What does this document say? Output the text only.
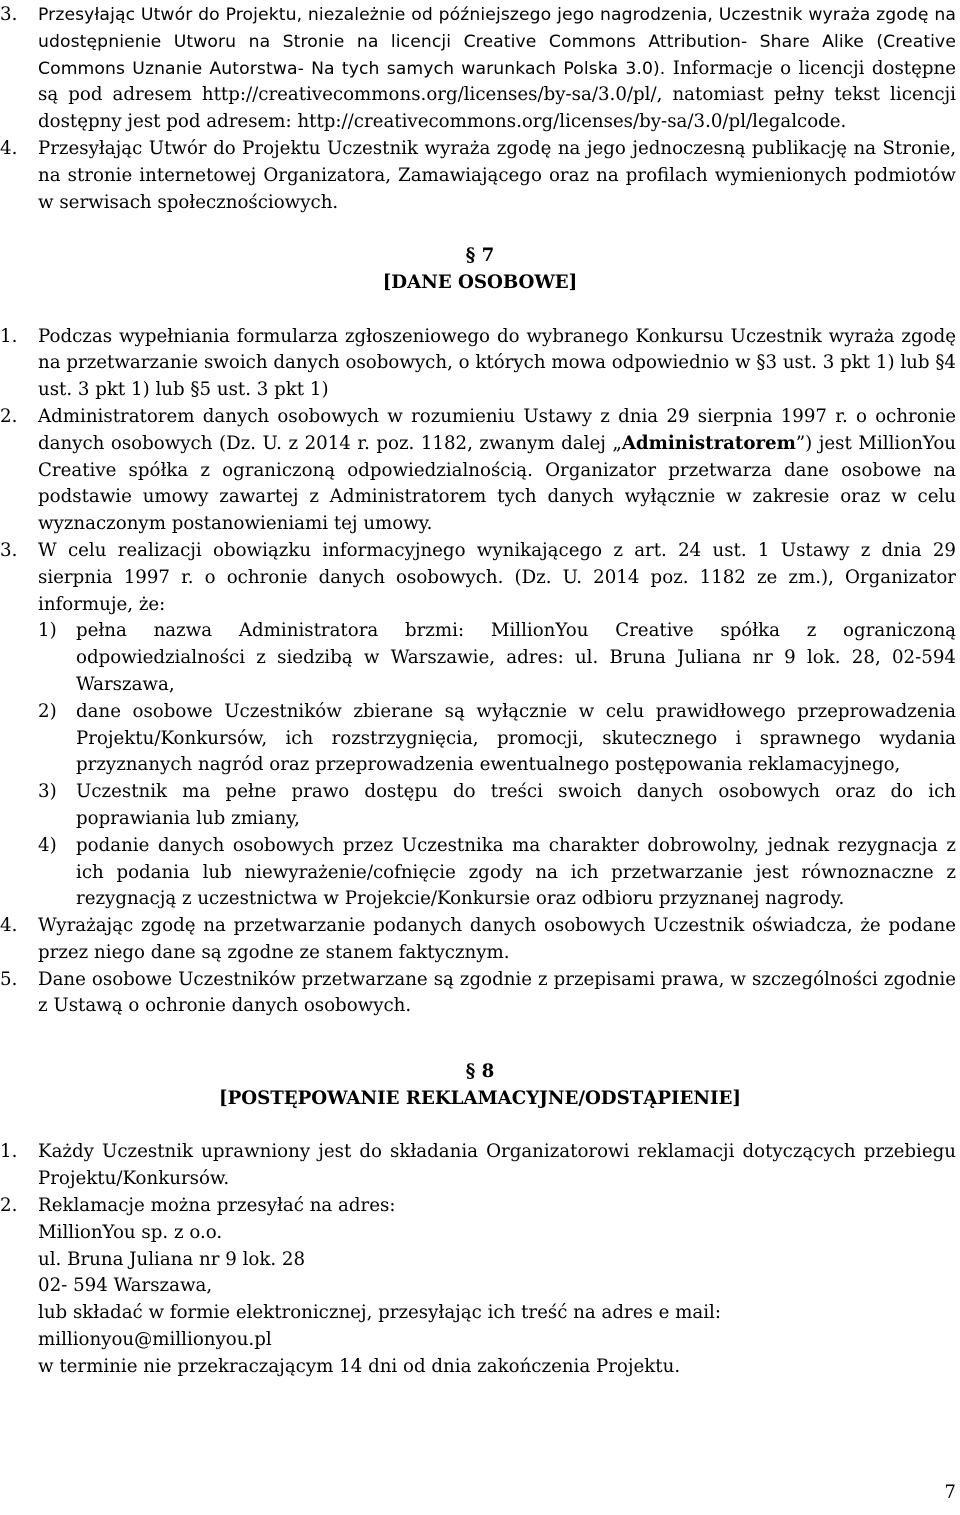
3. Przesyłając Utwór do Projektu, niezależnie od późniejszego jego nagrodzenia, Uczestnik wyraża zgodę na udostępnienie Utworu na Stronie na licencji Creative Commons Attribution- Share Alike (Creative Commons Uznanie Autorstwa- Na tych samych warunkach Polska 3.0). Informacje o licencji dostępne są pod adresem http://creativecommons.org/licenses/by-sa/3.0/pl/, natomiast pełny tekst licencji dostępny jest pod adresem: http://creativecommons.org/licenses/by-sa/3.0/pl/legalcode.

4. Przesyłając Utwór do Projektu Uczestnik wyraża zgodę na jego jednoczesną publikację na Stronie, na stronie internetowej Organizatora, Zamawiającego oraz na profilach wymienionych podmiotów w serwisach społecznościowych.

§ 7

[DANE OSOBOWE]

1. Podczas wypełniania formularza zgłoszeniowego do wybranego Konkursu Uczestnik wyraża zgodę na przetwarzanie swoich danych osobowych, o których mowa odpowiednio w §3 ust. 3 pkt 1) lub §4 ust. 3 pkt 1) lub §5 ust. 3 pkt 1)

2. Administratorem danych osobowych w rozumieniu Ustawy z dnia 29 sierpnia 1997 r. o ochronie danych osobowych (Dz. U. z 2014 r. poz. 1182, zwanym dalej „Administratorem”) jest MillionYou Creative spółka z ograniczoną odpowiedzialnością. Organizator przetwarza dane osobowe na podstawie umowy zawartej z Administratorem tych danych wyłącznie w zakresie oraz w celu wyznaczonym postanowieniami tej umowy.

3. W celu realizacji obowiązku informacyjnego wynikającego z art. 24 ust. 1 Ustawy z dnia 29 sierpnia 1997 r. o ochronie danych osobowych. (Dz. U. 2014 poz. 1182 ze zm.), Organizator informuje, że:

1) pełna nazwa Administratora brzmi: MillionYou Creative spółka z ograniczoną odpowiedzialności z siedzibą w Warszawie, adres: ul. Bruna Juliana nr 9 lok. 28, 02-594 Warszawa,

2) dane osobowe Uczestników zbierane są wyłącznie w celu prawidłowego przeprowadzenia Projektu/Konkursów, ich rozstrzygnięcia, promocji, skutecznego i sprawnego wydania przyznanych nagród oraz przeprowadzenia ewentualnego postępowania reklamacyjnego,

3) Uczestnik ma pełne prawo dostępu do treści swoich danych osobowych oraz do ich poprawiania lub zmiany,

4) podanie danych osobowych przez Uczestnika ma charakter dobrowolny, jednak rezygnacja z ich podania lub niewyrażenie/cofnięcie zgody na ich przetwarzanie jest równoznaczne z rezygnacją z uczestnictwa w Projekcie/Konkursie oraz odbioru przyznanej nagrody.

4. Wyrażając zgodę na przetwarzanie podanych danych osobowych Uczestnik oświadcza, że podane przez niego dane są zgodne ze stanem faktycznym.

5. Dane osobowe Uczestników przetwarzane są zgodnie z przepisami prawa, w szczególności zgodnie z Ustawą o ochronie danych osobowych.

§ 8

[POSTĘPOWANIE REKLAMACYJNE/ODSTĄPIENIE]

1. Każdy Uczestnik uprawniony jest do składania Organizatorowi reklamacji dotyczących przebiegu Projektu/Konkursów.

2. Reklamacje można przesyłać na adres:
MillionYou sp. z o.o.
ul. Bruna Juliana nr 9 lok. 28
02- 594 Warszawa,
lub składać w formie elektronicznej, przesyłając ich treść na adres e mail:
millionyou@millionyou.pl
w terminie nie przekraczającym 14 dni od dnia zakończenia Projektu.
7
